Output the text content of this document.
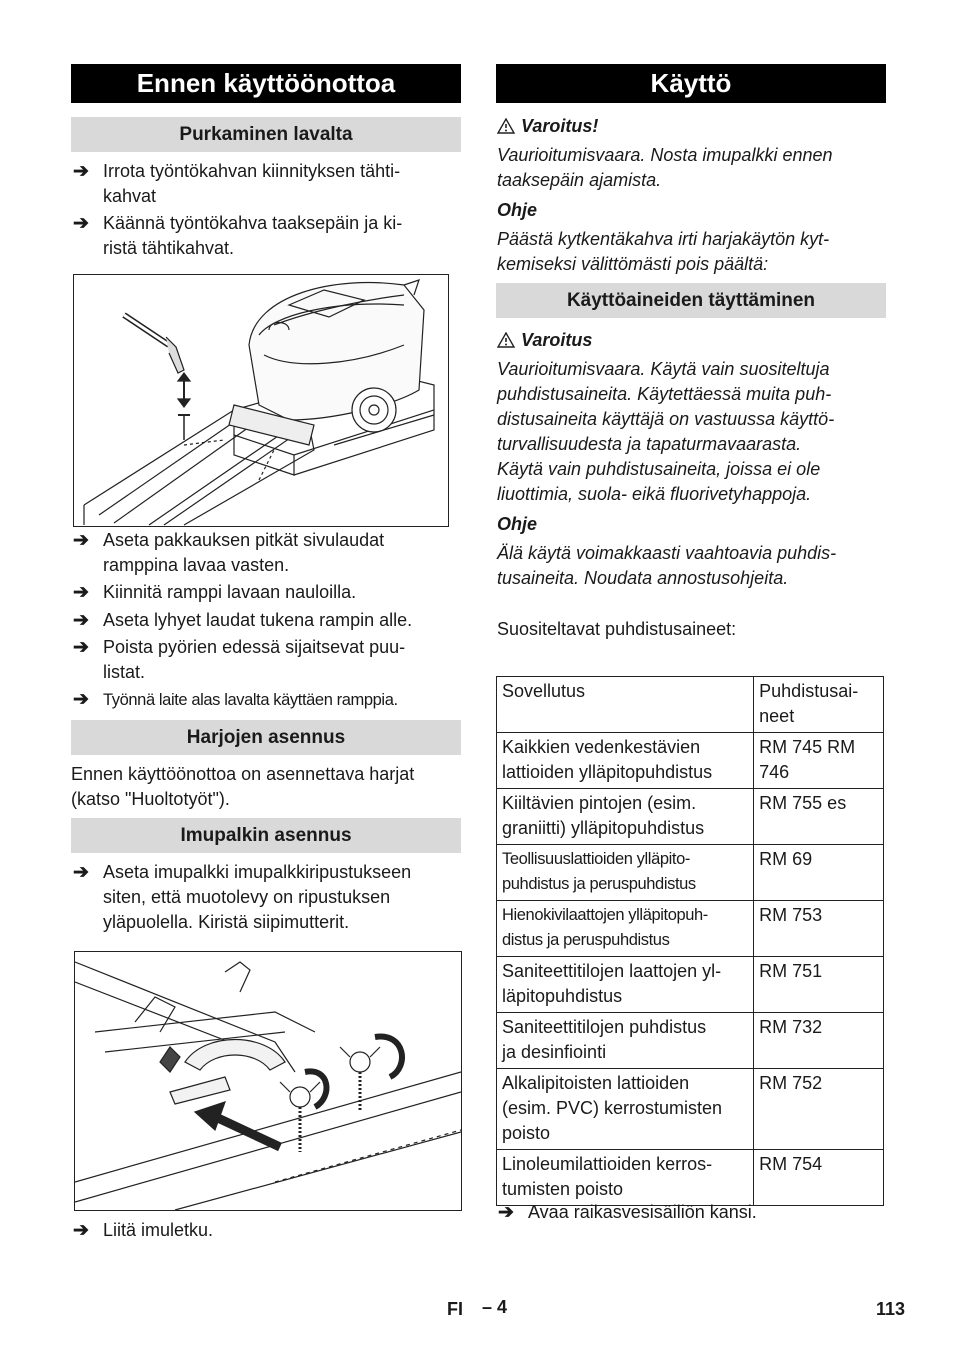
Ennen käyttöönottoa
Purkaminen lavalta
➔ Irrota työntökahvan kiinnityksen tähti-
kahvat
➔ Käännä työntökahva taaksepäin ja ki-
ristä tähtikahvat.
➔ Aseta pakkauksen pitkät sivulaudat
ramppina lavaa vasten.
➔ Kiinnitä ramppi lavaan nauloilla.
➔ Aseta lyhyet laudat tukena rampin alle.
➔ Poista pyörien edessä sijaitsevat puu-
listat.
➔ Työnnä laite alas lavalta käyttäen ramppia.
Harjojen asennus
Ennen käyttöönottoa on asennettava harjat
(katso "Huoltotyöt").
Imupalkin asennus
➔ Aseta imupalkki imupalkkiripustukseen
siten, että muotolevy on ripustuksen
yläpuolella. Kiristä siipimutterit.
➔ Liitä imuletku.
Käyttö
Varoitus!
Vaurioitumisvaara. Nosta imupalkki ennen
taaksepäin ajamista.
Ohje
Päästä kytkentäkahva irti harjakäytön kyt-
kemiseksi välittömästi pois päältä:
Käyttöaineiden täyttäminen
Varoitus
Vaurioitumisvaara. Käytä vain suositeltuja
puhdistusaineita. Käytettäessä muita puh-
distusaineita käyttäjä on vastuussa käyttö-
turvallisuudesta ja tapaturmavaarasta.
Käytä vain puhdistusaineita, joissa ei ole
liuottimia, suola- eikä fluorivetyhappoja.
Ohje
Älä käytä voimakkaasti vaahtoavia puhdis-
tusaineita. Noudata annostusohjeita.
Suositeltavat puhdistusaineet:
Sovellutus	Puhdistusai-
neet
Kaikkien vedenkestävien
lattioiden ylläpitopuhdistus	RM 745 RM
746
Kiiltävien pintojen (esim.
graniitti) ylläpitopuhdistus	RM 755 es
Teollisuuslattioiden ylläpito-
puhdistus ja peruspuhdistus	RM 69
Hienokivilaattojen ylläpitopuh-
distus ja peruspuhdistus	RM 753
Saniteettitilojen laattojen yl-
läpitopuhdistus	RM 751
Saniteettitilojen puhdistus
ja desinfiointi	RM 732
Alkalipitoisten lattioiden
(esim. PVC) kerrostumisten
poisto	RM 752
Linoleumilattioiden kerros-
tumisten poisto	RM 754
➔ Avaa raikasvesisäiliön kansi.
FI – 4	113
